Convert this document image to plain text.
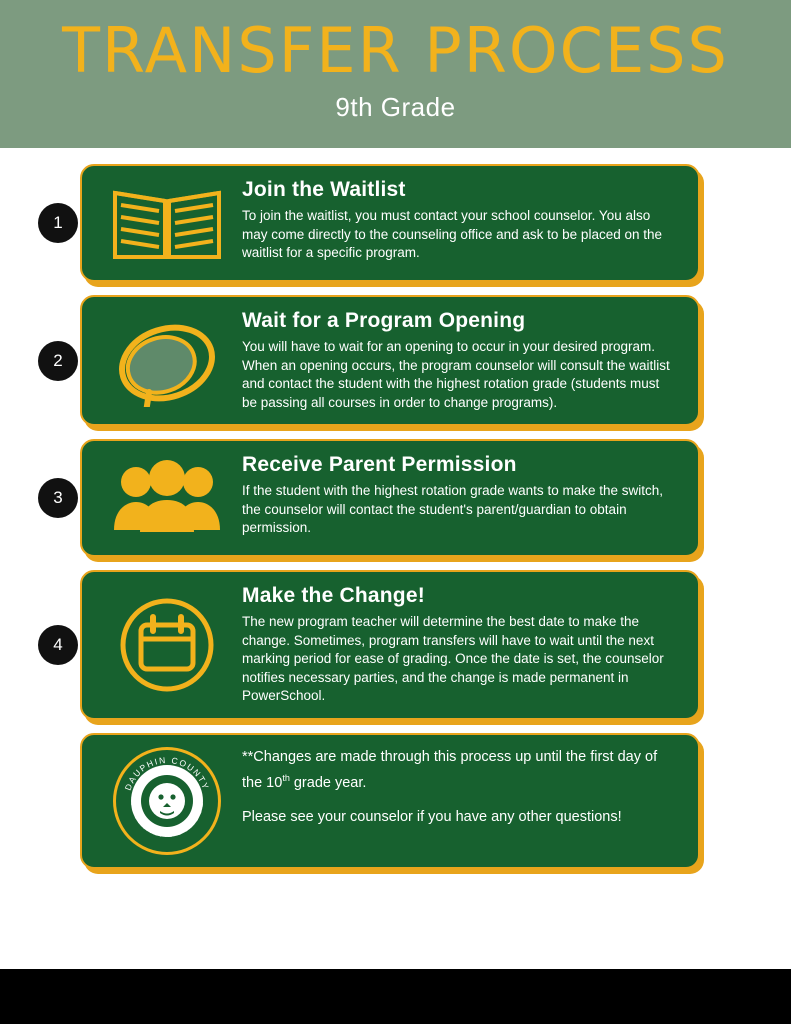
TRANSFER PROCESS
9th Grade
1
Join the Waitlist
To join the waitlist, you must contact your school counselor. You also may come directly to the counseling office and ask to be placed on the waitlist for a specific program.
2
Wait for a Program Opening
You will have to wait for an opening to occur in your desired program. When an opening occurs, the program counselor will consult the waitlist and contact the student with the highest rotation grade (students must be passing all courses in order to change programs).
3
Receive Parent Permission
If the student with the highest rotation grade wants to make the switch, the counselor will contact the student's parent/guardian to obtain permission.
4
Make the Change!
The new program teacher will determine the best date to make the change. Sometimes, program transfers will have to wait until the next marking period for ease of grading. Once the date is set, the counselor notifies necessary parties, and the change is made permanent in PowerSchool.
DAUPHIN COUNTY
TECHNICAL SCHOOL
**Changes are made through this process up until the first day of the 10th grade year.
Please see your counselor if you have any other questions!
